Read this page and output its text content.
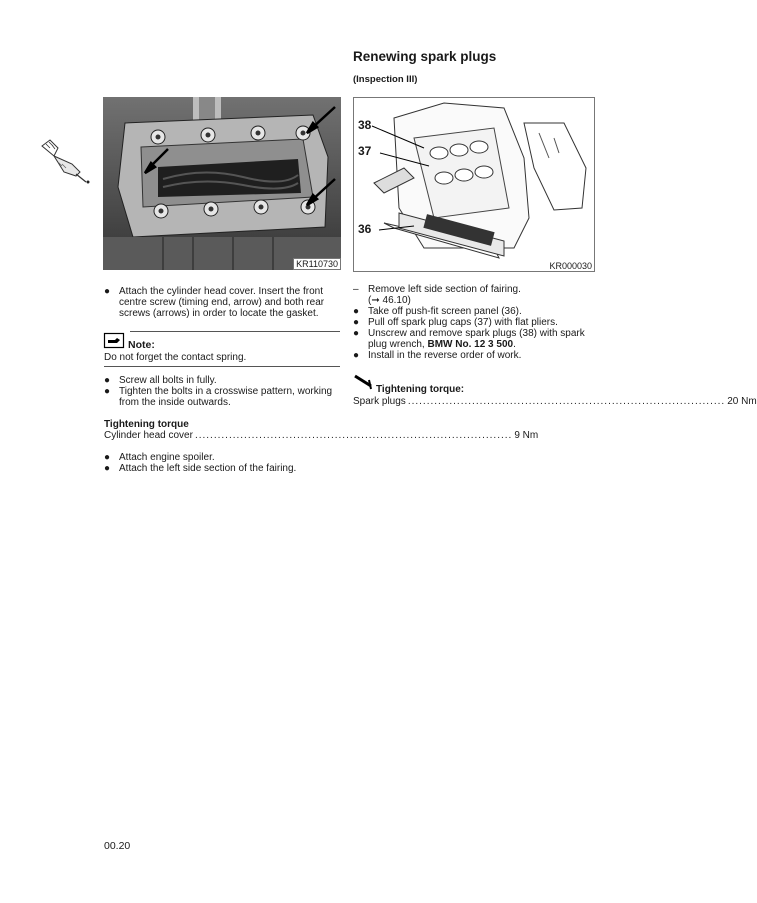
KR110730
38
37
36
KR000030
Renewing spark plugs
(Inspection III)
– Remove left side section of fairing.
(➞ 46.10)
● Take off push-fit screen panel (36).
● Pull off spark plug caps (37) with flat pliers.
● Unscrew and remove spark plugs (38) with spark plug wrench, BMW No. 12 3 500.
● Install in the reverse order of work.
Tightening torque:
Spark plugs .................................................................................... 20 Nm
● Attach the cylinder head cover. Insert the front centre screw (timing end, arrow) and both rear screws (arrows) in order to locate the gasket.
Note:
Do not forget the contact spring.
● Screw all bolts in fully.
● Tighten the bolts in a crosswise pattern, working from the inside outwards.
Tightening torque
Cylinder head cover .................................................................................... 9 Nm
● Attach engine spoiler.
● Attach the left side section of the fairing.
00.20
